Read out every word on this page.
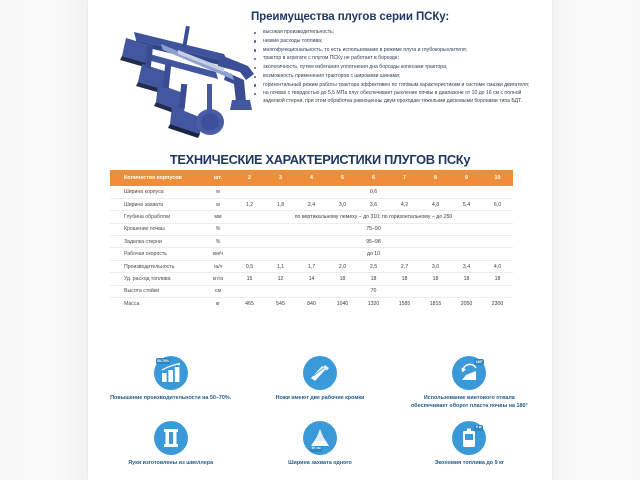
Преимущества плугов серии ПСКу:
высокая производительность;
низкие расходы топлива;
многофункциональность, то есть использование в режиме плуга и глубокорыхлителя;
трактор в агрегате с плугом ПСКу не работает в борозде;
экологичность, путем избегания уплотнения дна борозды колесами трактора;
возможность применения тракторов с широкими шинами;
горизонтальный режим работы трактора эффективен по тяговым характеристикам и системе смазки двигателя;
на почвах с твердостью до 5,5 МПа плуг обеспечивает рыхление почвы в диапазоне от 10 до 16 см с полной заделкой стерни, при этом обработка равноценны двум проходам тяжелыми дисковыми боронами типа БДТ.
ТЕХНИЧЕСКИЕ ХАРАКТЕРИСТИКИ ПЛУГОВ ПСКу
Количество корпусов	шт.	2	3	4	5	6	7	8	9	10
Ширина корпуса	м	0,6								
Ширина захвата	м	1,2	1,8	2,4	3,0	3,6	4,2	4,8	5,4	6,0
Глубина обработки	мм	по вертикальному лемеху – до 310; по горизонтальному – до 250								
Крошение почвы	%	75–90								
Заделка стерни	%	95–98								
Рабочая скорость	км/ч	до 10								
Производительность	га/ч	0,5	1,1	1,7	2,0	2,5	2,7	3,0	3,4	4,0
Уд. расход топлива	кг/га	15	12	14	18	18	18	18	18	18
Высота стойки	см	70								
Масса	кг	465	545	840	1040	1320	1585	1815	2050	2300
50-70%
Повышение производительности на 50–70%.	Ножи имеют две рабочие кромки
180°
Использование винтового отвала обеспечивает оборот пласта почвы на 180°
Яуки изготовлены из швеллера
60 см
Ширина захвата одного
9 кг
Экономия топлива до 9 кг
